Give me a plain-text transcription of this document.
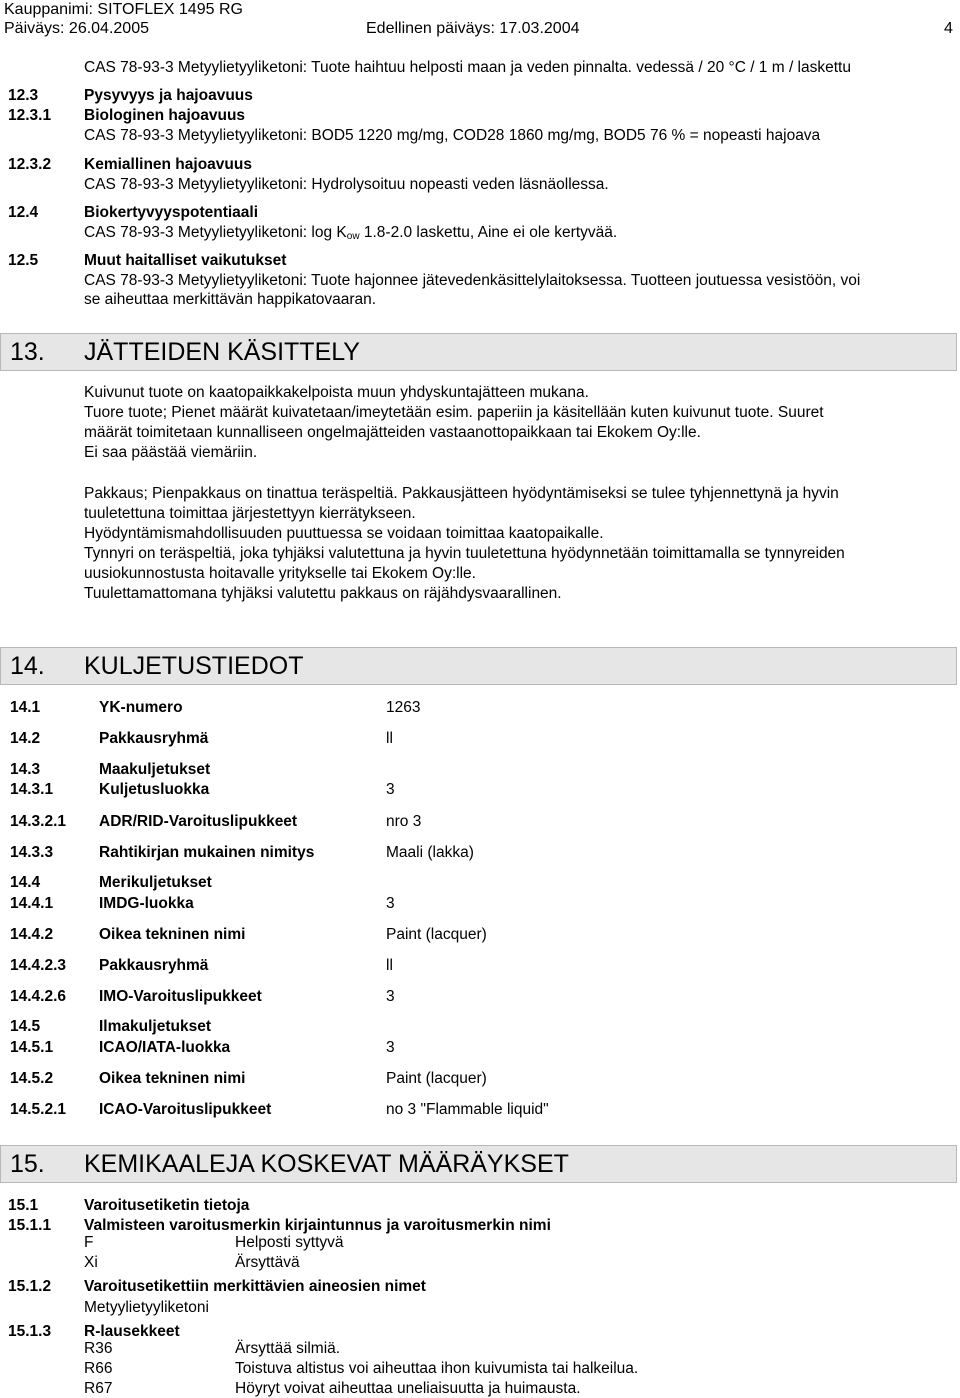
Kauppanimi: SITOFLEX 1495 RG
Päiväys: 26.04.2005	Edellinen päiväys: 17.03.2004	4
CAS 78-93-3 Metyylietyyliketoni: Tuote haihtuu helposti maan ja veden pinnalta. vedessä / 20 °C / 1 m / laskettu
12.3	Pysyvyys ja hajoavuus
12.3.1 Biologinen hajoavuus
CAS 78-93-3 Metyylietyyliketoni: BOD5 1220 mg/mg, COD28 1860 mg/mg, BOD5 76 % = nopeasti hajoava
12.3.2 Kemiallinen hajoavuus
CAS 78-93-3 Metyylietyyliketoni: Hydrolysoituu nopeasti veden läsnäollessa.
12.4	Biokertyvyyspotentiaali
CAS 78-93-3 Metyylietyyliketoni: $\log K_{ow}$ 1.8-2.0 laskettu, Aine ei ole kertyvää.
12.5	Muut haitalliset vaikutukset
CAS 78-93-3 Metyylietyyliketoni: Tuote hajonnee jätevedenkäsittelylaitoksessa. Tuotteen joutuessa vesistöön, voi
se aiheuttaa merkittävän happikatovaaran.
13. JÄTTEIDEN KÄSITTELY
Kuivunut tuote on kaatopaikkakelpoista muun yhdyskuntajätteen mukana.
Tuore tuote; Pienet määrät kuivatetaan/imeytetään esim. paperiin ja käsitellään kuten kuivunut tuote. Suuret
määrät toimitetaan kunnalliseen ongelmajätteiden vastaanottopaikkaan tai Ekokem Oy:lle.
Ei saa päästää viemäriin.
Pakkaus; Pienpakkaus on tinattua teräspeltiä. Pakkausjätteen hyödyntämiseksi se tulee tyhjennettynä ja hyvin
tuuletettuna toimittaa järjestettyyn kierrätykseen.
Hyödyntämismahdollisuuden puuttuessa se voidaan toimittaa kaatopaikalle.
Tynnyri on teräspeltiä, joka tyhjäksi valutettuna ja hyvin tuuletettuna hyödynnetään toimittamalla se tynnyreiden
uusiokunnostusta hoitavalle yritykselle tai Ekokem Oy:lle.
Tuulettamattomana tyhjäksi valutettu pakkaus on räjähdysvaarallinen.
14. KULJETUSTIEDOT
14.1	YK-numero	1263
14.2	Pakkausryhmä	ll
14.3	Maakuljetukset
14.3.1	Kuljetusluokka	3
14.3.2.1 ADR/RID-Varoituslipukkeet	nro 3
14.3.3	Rahtikirjan mukainen nimitys	Maali (lakka)
14.4	Merikuljetukset
14.4.1	IMDG-luokka	3
14.4.2	Oikea tekninen nimi	Paint (lacquer)
14.4.2.3 Pakkausryhmä	ll
14.4.2.6 IMO-Varoituslipukkeet	3
14.5	Ilmakuljetukset
14.5.1	ICAO/IATA-luokka	3
14.5.2	Oikea tekninen nimi	Paint (lacquer)
14.5.2.1 ICAO-Varoituslipukkeet	no 3 "Flammable liquid"
15. KEMIKAALEJA KOSKEVAT MÄÄRÄYKSET
15.1	Varoitusetiketin tietoja
15.1.1 Valmisteen varoitusmerkin kirjaintunnus ja varoitusmerkin nimi
F	Helposti syttyvä
Xi	Ärsyttävä
15.1.2 Varoitusetikettiin merkittävien aineosien nimet
Metyylietyyliketoni
15.1.3 R-lausekkeet
R36	Ärsyttää silmiä.
R66	Toistuva altistus voi aiheuttaa ihon kuivumista tai halkeilua.
R67	Höyryt voivat aiheuttaa uneliaisuutta ja huimausta.
